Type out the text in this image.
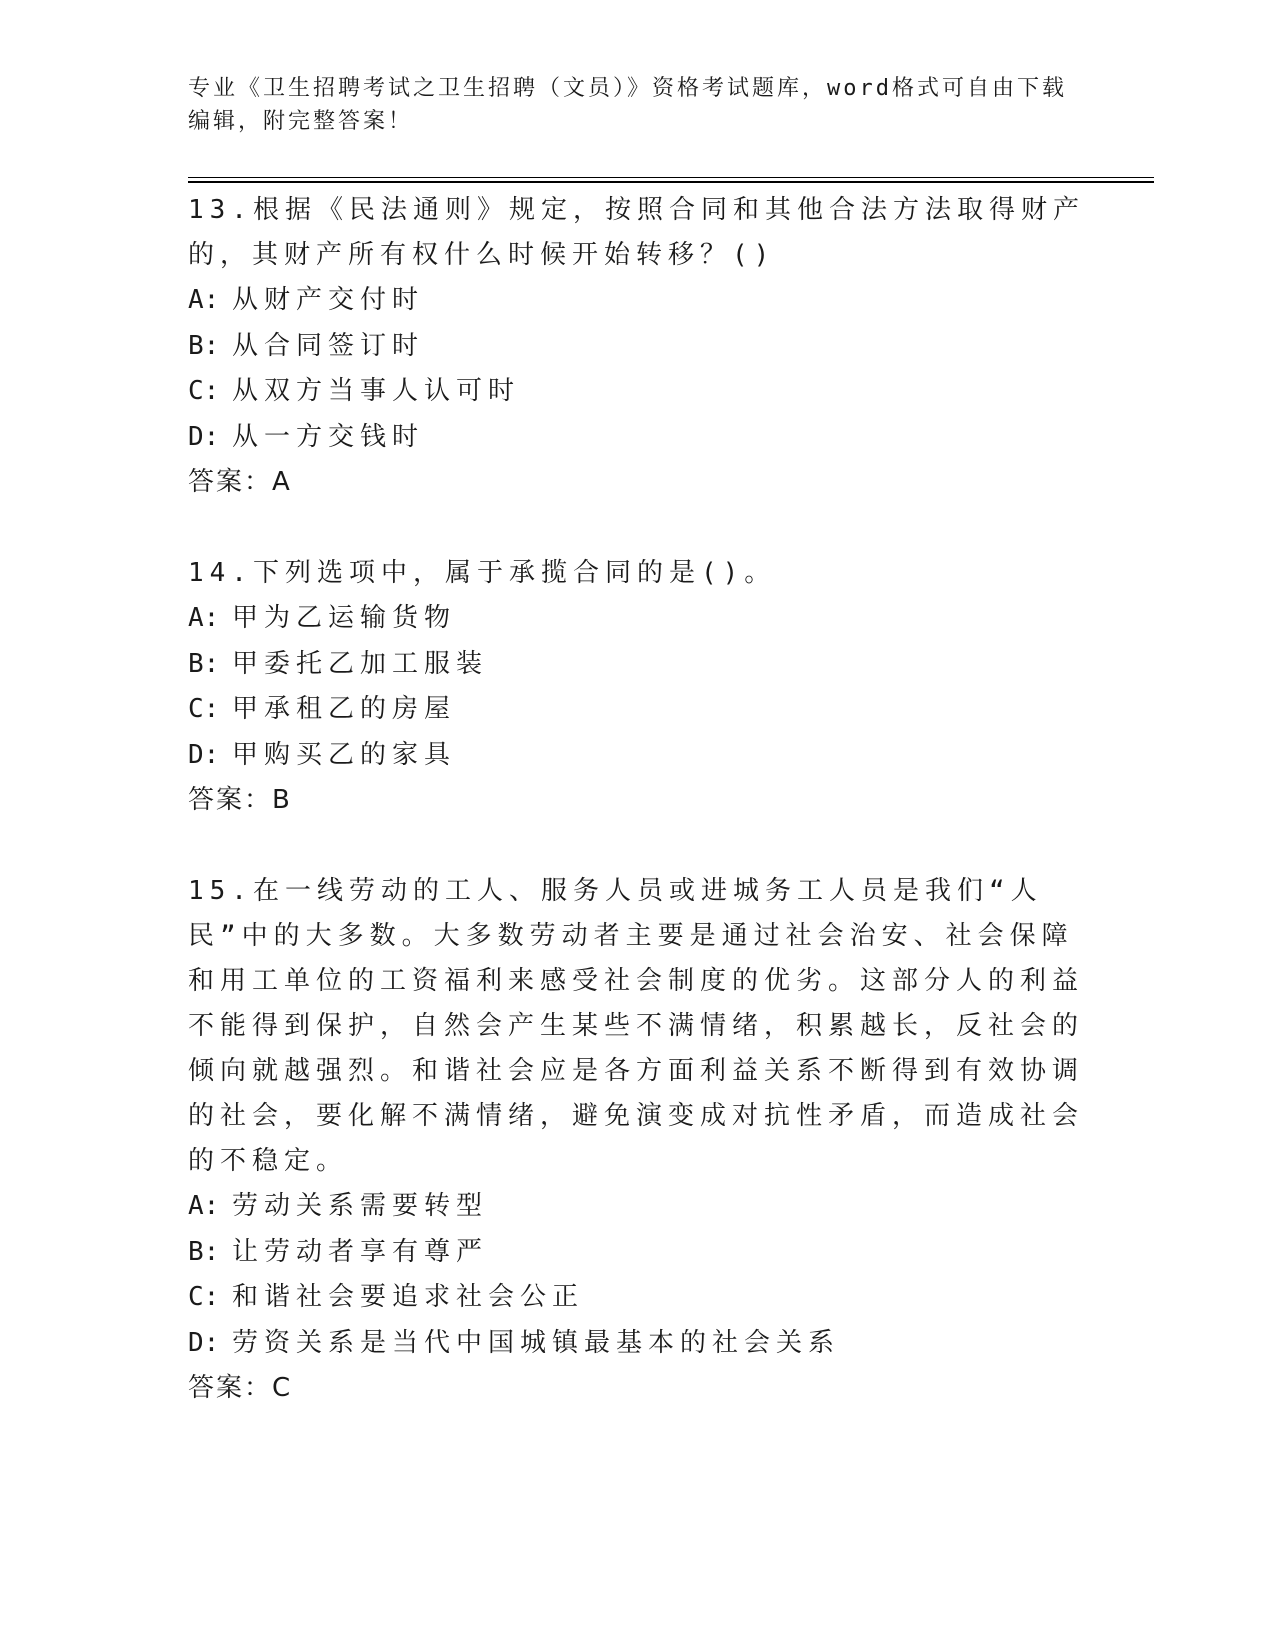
专业《卫生招聘考试之卫生招聘（文员）》资格考试题库，word格式可自由下载编辑，附完整答案！

13.根据《民法通则》规定，按照合同和其他合法方法取得财产的，其财产所有权什么时候开始转移？()

A: 从财产交付时

B: 从合同签订时

C: 从双方当事人认可时

D: 从一方交钱时

答案：A

14.下列选项中，属于承揽合同的是()。

A: 甲为乙运输货物

B: 甲委托乙加工服装

C: 甲承租乙的房屋

D: 甲购买乙的家具

答案：B

15.在一线劳动的工人、服务人员或进城务工人员是我们“人民”中的大多数。大多数劳动者主要是通过社会治安、社会保障和用工单位的工资福利来感受社会制度的优劣。这部分人的利益不能得到保护，自然会产生某些不满情绪，积累越长，反社会的倾向就越强烈。和谐社会应是各方面利益关系不断得到有效协调的社会，要化解不满情绪，避免演变成对抗性矛盾，而造成社会的不稳定。

A: 劳动关系需要转型

B: 让劳动者享有尊严

C: 和谐社会要追求社会公正

D: 劳资关系是当代中国城镇最基本的社会关系

答案：C
